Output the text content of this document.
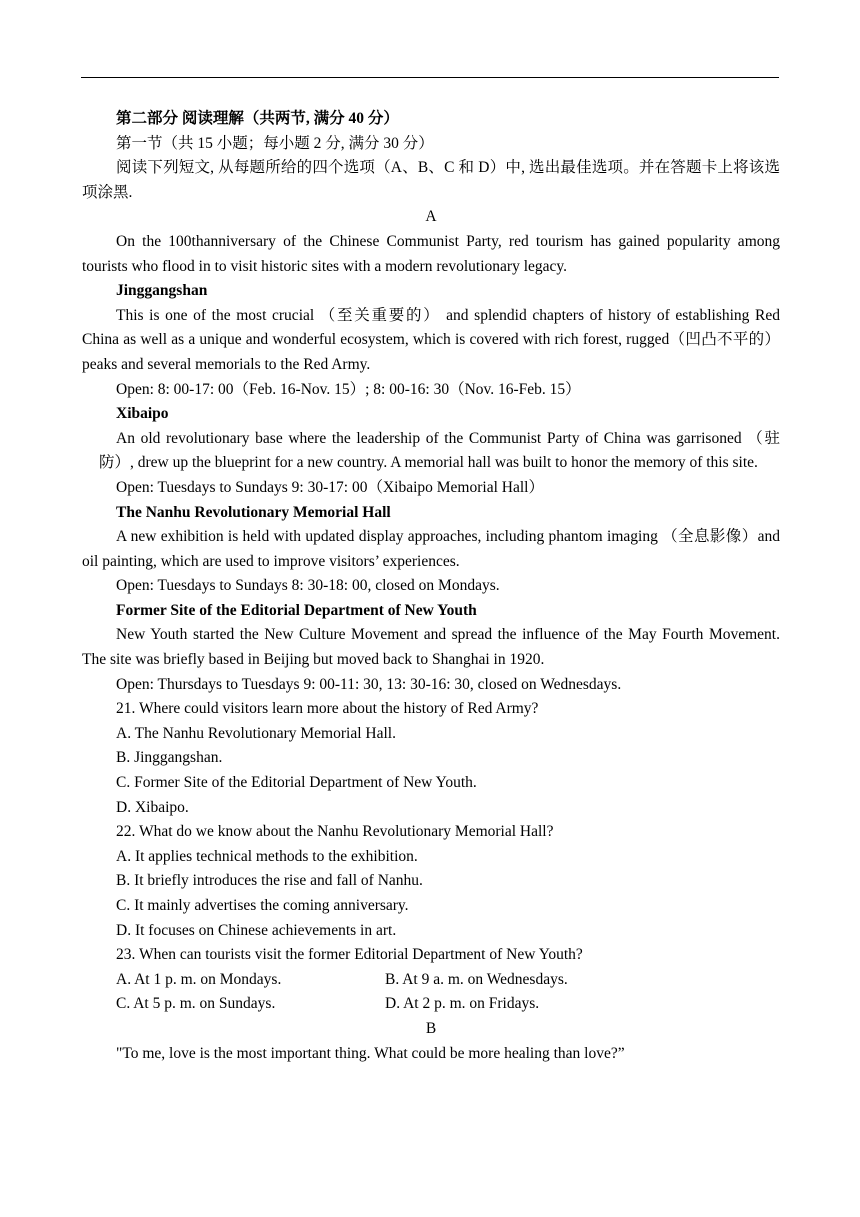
第二部分 阅读理解（共两节, 满分 40 分）

第一节（共 15 小题；每小题 2 分, 满分 30 分）

阅读下列短文, 从每题所给的四个选项（A、B、C 和 D）中, 选出最佳选项。并在答题卡上将该选项涂黑.

A

On the 100thanniversary of the Chinese Communist Party, red tourism has gained popularity among tourists who flood in to visit historic sites with a modern revolutionary legacy.

Jinggangshan

This is one of the most crucial （至关重要的） and splendid chapters of history of establishing Red China as well as a unique and wonderful ecosystem, which is covered with rich forest, rugged（凹凸不平的） peaks and several memorials to the Red Army.

Open: 8: 00-17: 00（Feb. 16-Nov. 15）; 8: 00-16: 30（Nov. 16-Feb. 15）

Xibaipo

An old revolutionary base where the leadership of the Communist Party of China was garrisoned （驻防）, drew up the blueprint for a new country. A memorial hall was built to honor the memory of this site.

Open: Tuesdays to Sundays 9: 30-17: 00（Xibaipo Memorial Hall）

The Nanhu Revolutionary Memorial Hall

A new exhibition is held with updated display approaches, including phantom imaging （全息影像）and oil painting, which are used to improve visitors’ experiences.

Open: Tuesdays to Sundays 8: 30-18: 00, closed on Mondays.

Former Site of the Editorial Department of New Youth

New Youth started the New Culture Movement and spread the influence of the May Fourth Movement. The site was briefly based in Beijing but moved back to Shanghai in 1920.

Open: Thursdays to Tuesdays 9: 00-11: 30, 13: 30-16: 30, closed on Wednesdays.

21. Where could visitors learn more about the history of Red Army?

A. The Nanhu Revolutionary Memorial Hall.

B. Jinggangshan.

C. Former Site of the Editorial Department of New Youth.

D. Xibaipo.

22. What do we know about the Nanhu Revolutionary Memorial Hall?

A. It applies technical methods to the exhibition.

B. It briefly introduces the rise and fall of Nanhu.

C. It mainly advertises the coming anniversary.

D. It focuses on Chinese achievements in art.

23. When can tourists visit the former Editorial Department of New Youth?

A. At 1 p. m. on Mondays.	B. At 9 a. m. on Wednesdays.
C. At 5 p. m. on Sundays.	D. At 2 p. m. on Fridays.

B

"To me, love is the most important thing. What could be more healing than love?”
